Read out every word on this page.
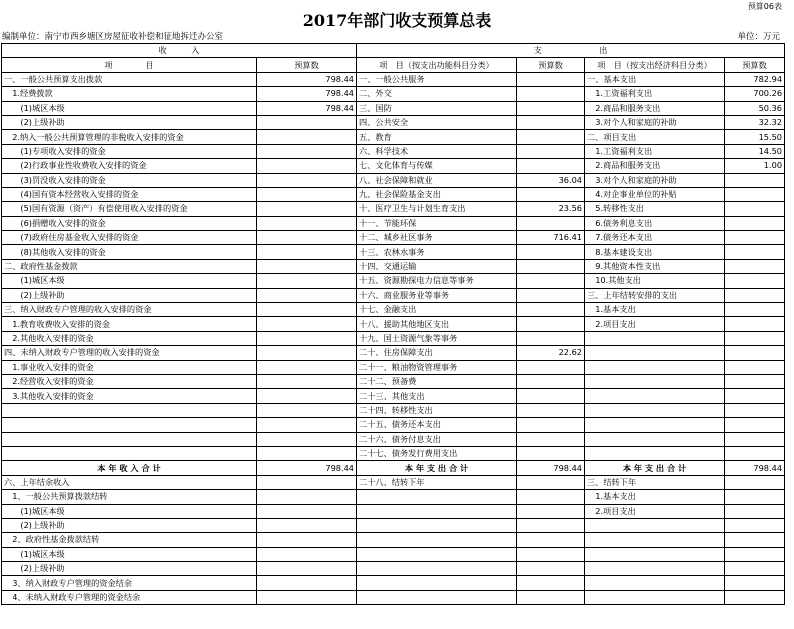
预算06表
2017年部门收支预算总表
编制单位：南宁市西乡塘区房屋征收补偿和征地拆迁办公室	单位：万元
收　　　入		支　　　　　　　出			
项　　　　目	预算数	项　目（按支出功能科目分类）	预算数	项　目（按支出经济科目分类）	预算数
一、一般公共预算支出拨款	798.44	一、一般公共服务		一、基本支出	782.94
　1.经费拨款	798.44	二、外交		　1.工资福利支出	700.26
　　(1)城区本级	798.44	三、国防		　2.商品和服务支出	50.36
　　(2)上级补助		四、公共安全		　3.对个人和家庭的补助	32.32
　2.纳入一般公共预算管理的非税收入安排的资金		五、教育		二、项目支出	15.50
　　(1)专项收入安排的资金		六、科学技术		　1.工资福利支出	14.50
　　(2)行政事业性收费收入安排的资金		七、文化体育与传媒		　2.商品和服务支出	1.00
　　(3)罚没收入安排的资金		八、社会保障和就业	36.04	　3.对个人和家庭的补助	
　　(4)国有资本经营收入安排的资金		九、社会保险基金支出		　4.对企事业单位的补贴	
　　(5)国有资源（资产）有偿使用收入安排的资金		十、医疗卫生与计划生育支出	23.56	　5.转移性支出	
　　(6)捐赠收入安排的资金		十一、节能环保		　6.债务利息支出	
　　(7)政府住房基金收入安排的资金		十二、城乡社区事务	716.41	　7.债务还本支出	
　　(8)其他收入安排的资金		十三、农林水事务		　8.基本建设支出	
二、政府性基金拨款		十四、交通运输		　9.其他资本性支出	
　　(1)城区本级		十五、资源勘探电力信息等事务		　10.其他支出	
　　(2)上级补助		十六、商业服务业等事务		三、上年结转安排的支出	
三、纳入财政专户管理的收入安排的资金		十七、金融支出		　1.基本支出	
　1.教育收费收入安排的资金		十八、援助其他地区支出		　2.项目支出	
　2.其他收入安排的资金		十九、国土资源气象等事务			
四、未纳入财政专户管理的收入安排的资金		二十、住房保障支出	22.62		
　1.事业收入安排的资金		二十一、粮油物资管理事务			
　2.经营收入安排的资金		二十二、预备费			
　3.其他收入安排的资金		二十三、其他支出			
		二十四、转移性支出			
		二十五、债务还本支出			
		二十六、债务付息支出			
		二十七、债务发行费用支出			
本 年 收 入 合 计	798.44	本 年 支 出 合 计	798.44	本 年 支 出 合 计	798.44
六、上年结余收入		二十八、结转下年		三、结转下年	
　1、一般公共预算拨款结转				　1.基本支出	
　　(1)城区本级				　2.项目支出	
　　(2)上级补助					
　2、政府性基金拨款结转					
　　(1)城区本级					
　　(2)上级补助					
　3、纳入财政专户管理的资金结余					
　4、未纳入财政专户管理的资金结余					
